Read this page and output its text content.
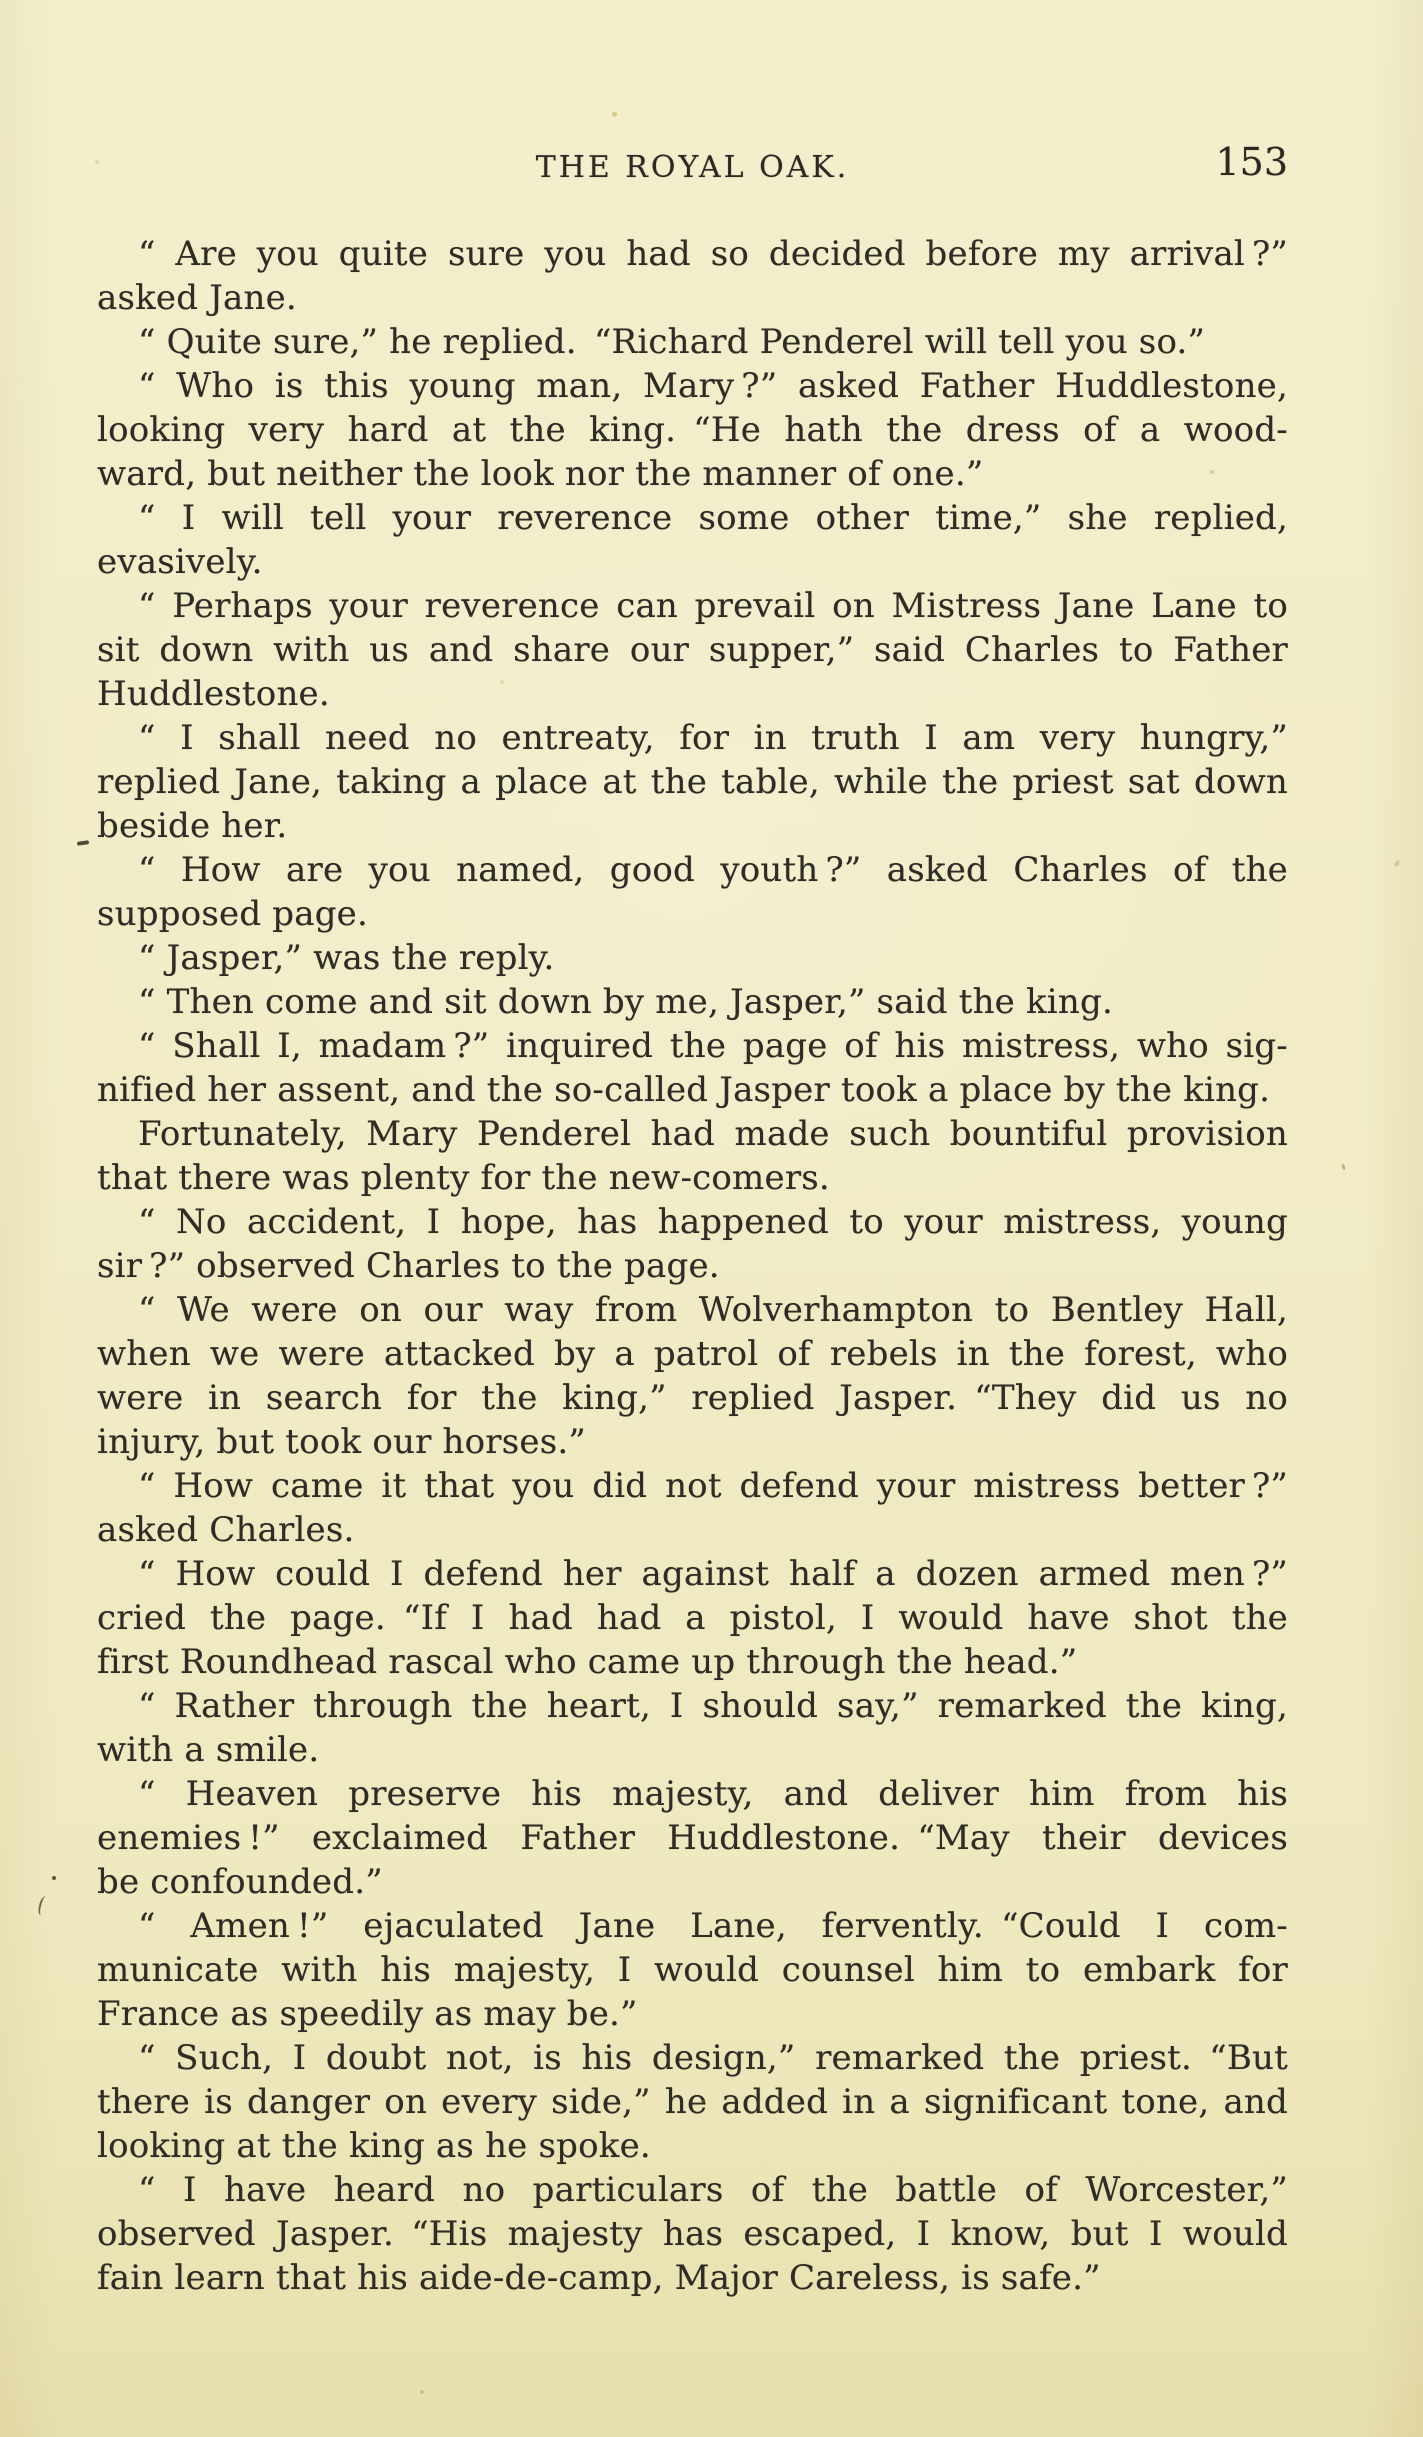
THE ROYAL OAK.	153
“ Are you quite sure you had so decided before my arrival ?”
asked Jane.
“ Quite sure,” he replied. “Richard Penderel will tell you so.”
“ Who is this young man, Mary ?” asked Father Huddlestone,
looking very hard at the king. “He hath the dress of a wood-
ward, but neither the look nor the manner of one.”
“ I will tell your reverence some other time,” she replied,
evasively.
“ Perhaps your reverence can prevail on Mistress Jane Lane to
sit down with us and share our supper,” said Charles to Father
Huddlestone.
“ I shall need no entreaty, for in truth I am very hungry,”
replied Jane, taking a place at the table, while the priest sat down
beside her.
“ How are you named, good youth ?” asked Charles of the
supposed page.
“ Jasper,” was the reply.
“ Then come and sit down by me, Jasper,” said the king.
“ Shall I, madam ?” inquired the page of his mistress, who sig-
nified her assent, and the so-called Jasper took a place by the king.
Fortunately, Mary Penderel had made such bountiful provision
that there was plenty for the new-comers.
“ No accident, I hope, has happened to your mistress, young
sir ?” observed Charles to the page.
“ We were on our way from Wolverhampton to Bentley Hall,
when we were attacked by a patrol of rebels in the forest, who
were in search for the king,” replied Jasper. “They did us no
injury, but took our horses.”
“ How came it that you did not defend your mistress better ?”
asked Charles.
“ How could I defend her against half a dozen armed men ?”
cried the page. “If I had had a pistol, I would have shot the
first Roundhead rascal who came up through the head.”
“ Rather through the heart, I should say,” remarked the king,
with a smile.
“ Heaven preserve his majesty, and deliver him from his
enemies !” exclaimed Father Huddlestone. “May their devices
be confounded.”
“ Amen !” ejaculated Jane Lane, fervently. “Could I com-
municate with his majesty, I would counsel him to embark for
France as speedily as may be.”
“ Such, I doubt not, is his design,” remarked the priest. “But
there is danger on every side,” he added in a significant tone, and
looking at the king as he spoke.
“ I have heard no particulars of the battle of Worcester,”
observed Jasper. “His majesty has escaped, I know, but I would
fain learn that his aide-de-camp, Major Careless, is safe.”
